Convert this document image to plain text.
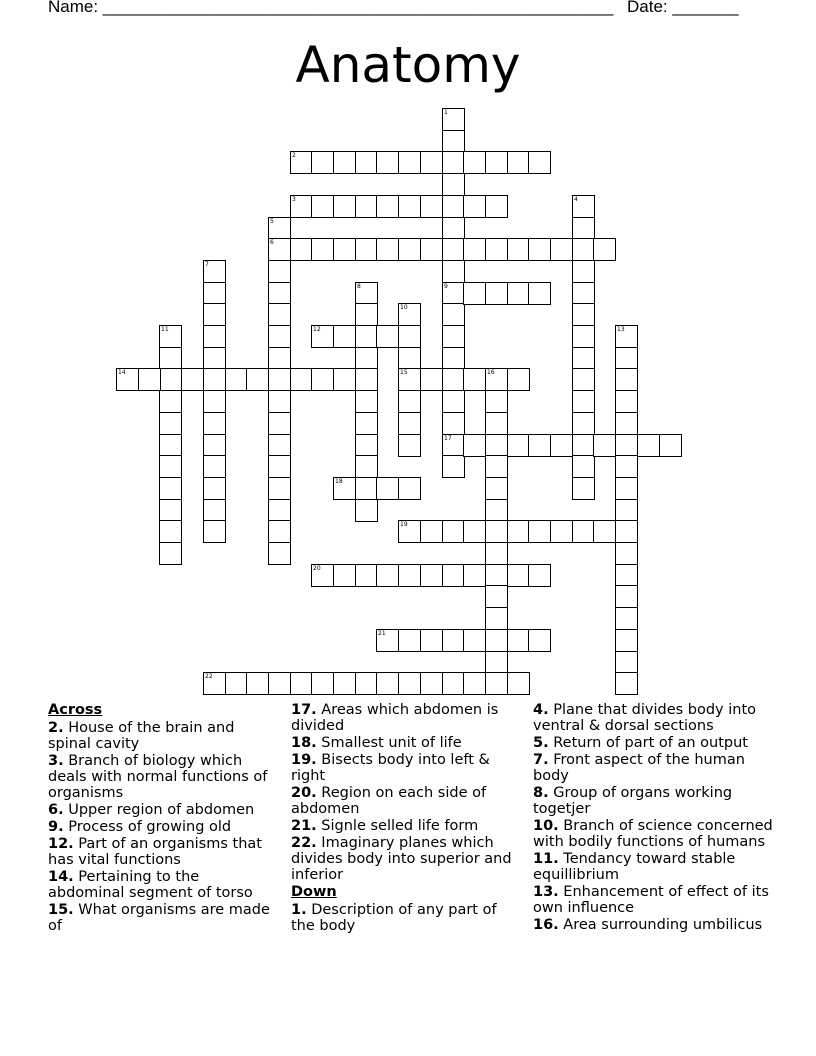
Name: ______________________________________________________ Date: _______
Anatomy
1
9
17
2
3	4
5
6
7
8
10
15
11	12	13
14	16
18
19
20
21
22
Across
2. House of the brain and spinal cavity
3. Branch of biology which deals with normal functions of organisms
6. Upper region of abdomen
9. Process of growing old
12. Part of an organisms that has vital functions
14. Pertaining to the abdominal segment of torso
15. What organisms are made of
17. Areas which abdomen is divided
18. Smallest unit of life
19. Bisects body into left & right
20. Region on each side of abdomen
21. Signle selled life form
22. Imaginary planes which divides body into superior and inferior
Down
1. Description of any part of the body
4. Plane that divides body into ventral & dorsal sections
5. Return of part of an output
7. Front aspect of the human body
8. Group of organs working togetjer
10. Branch of science concerned with bodily functions of humans
11. Tendancy toward stable equillibrium
13. Enhancement of effect of its own influence
16. Area surrounding umbilicus
